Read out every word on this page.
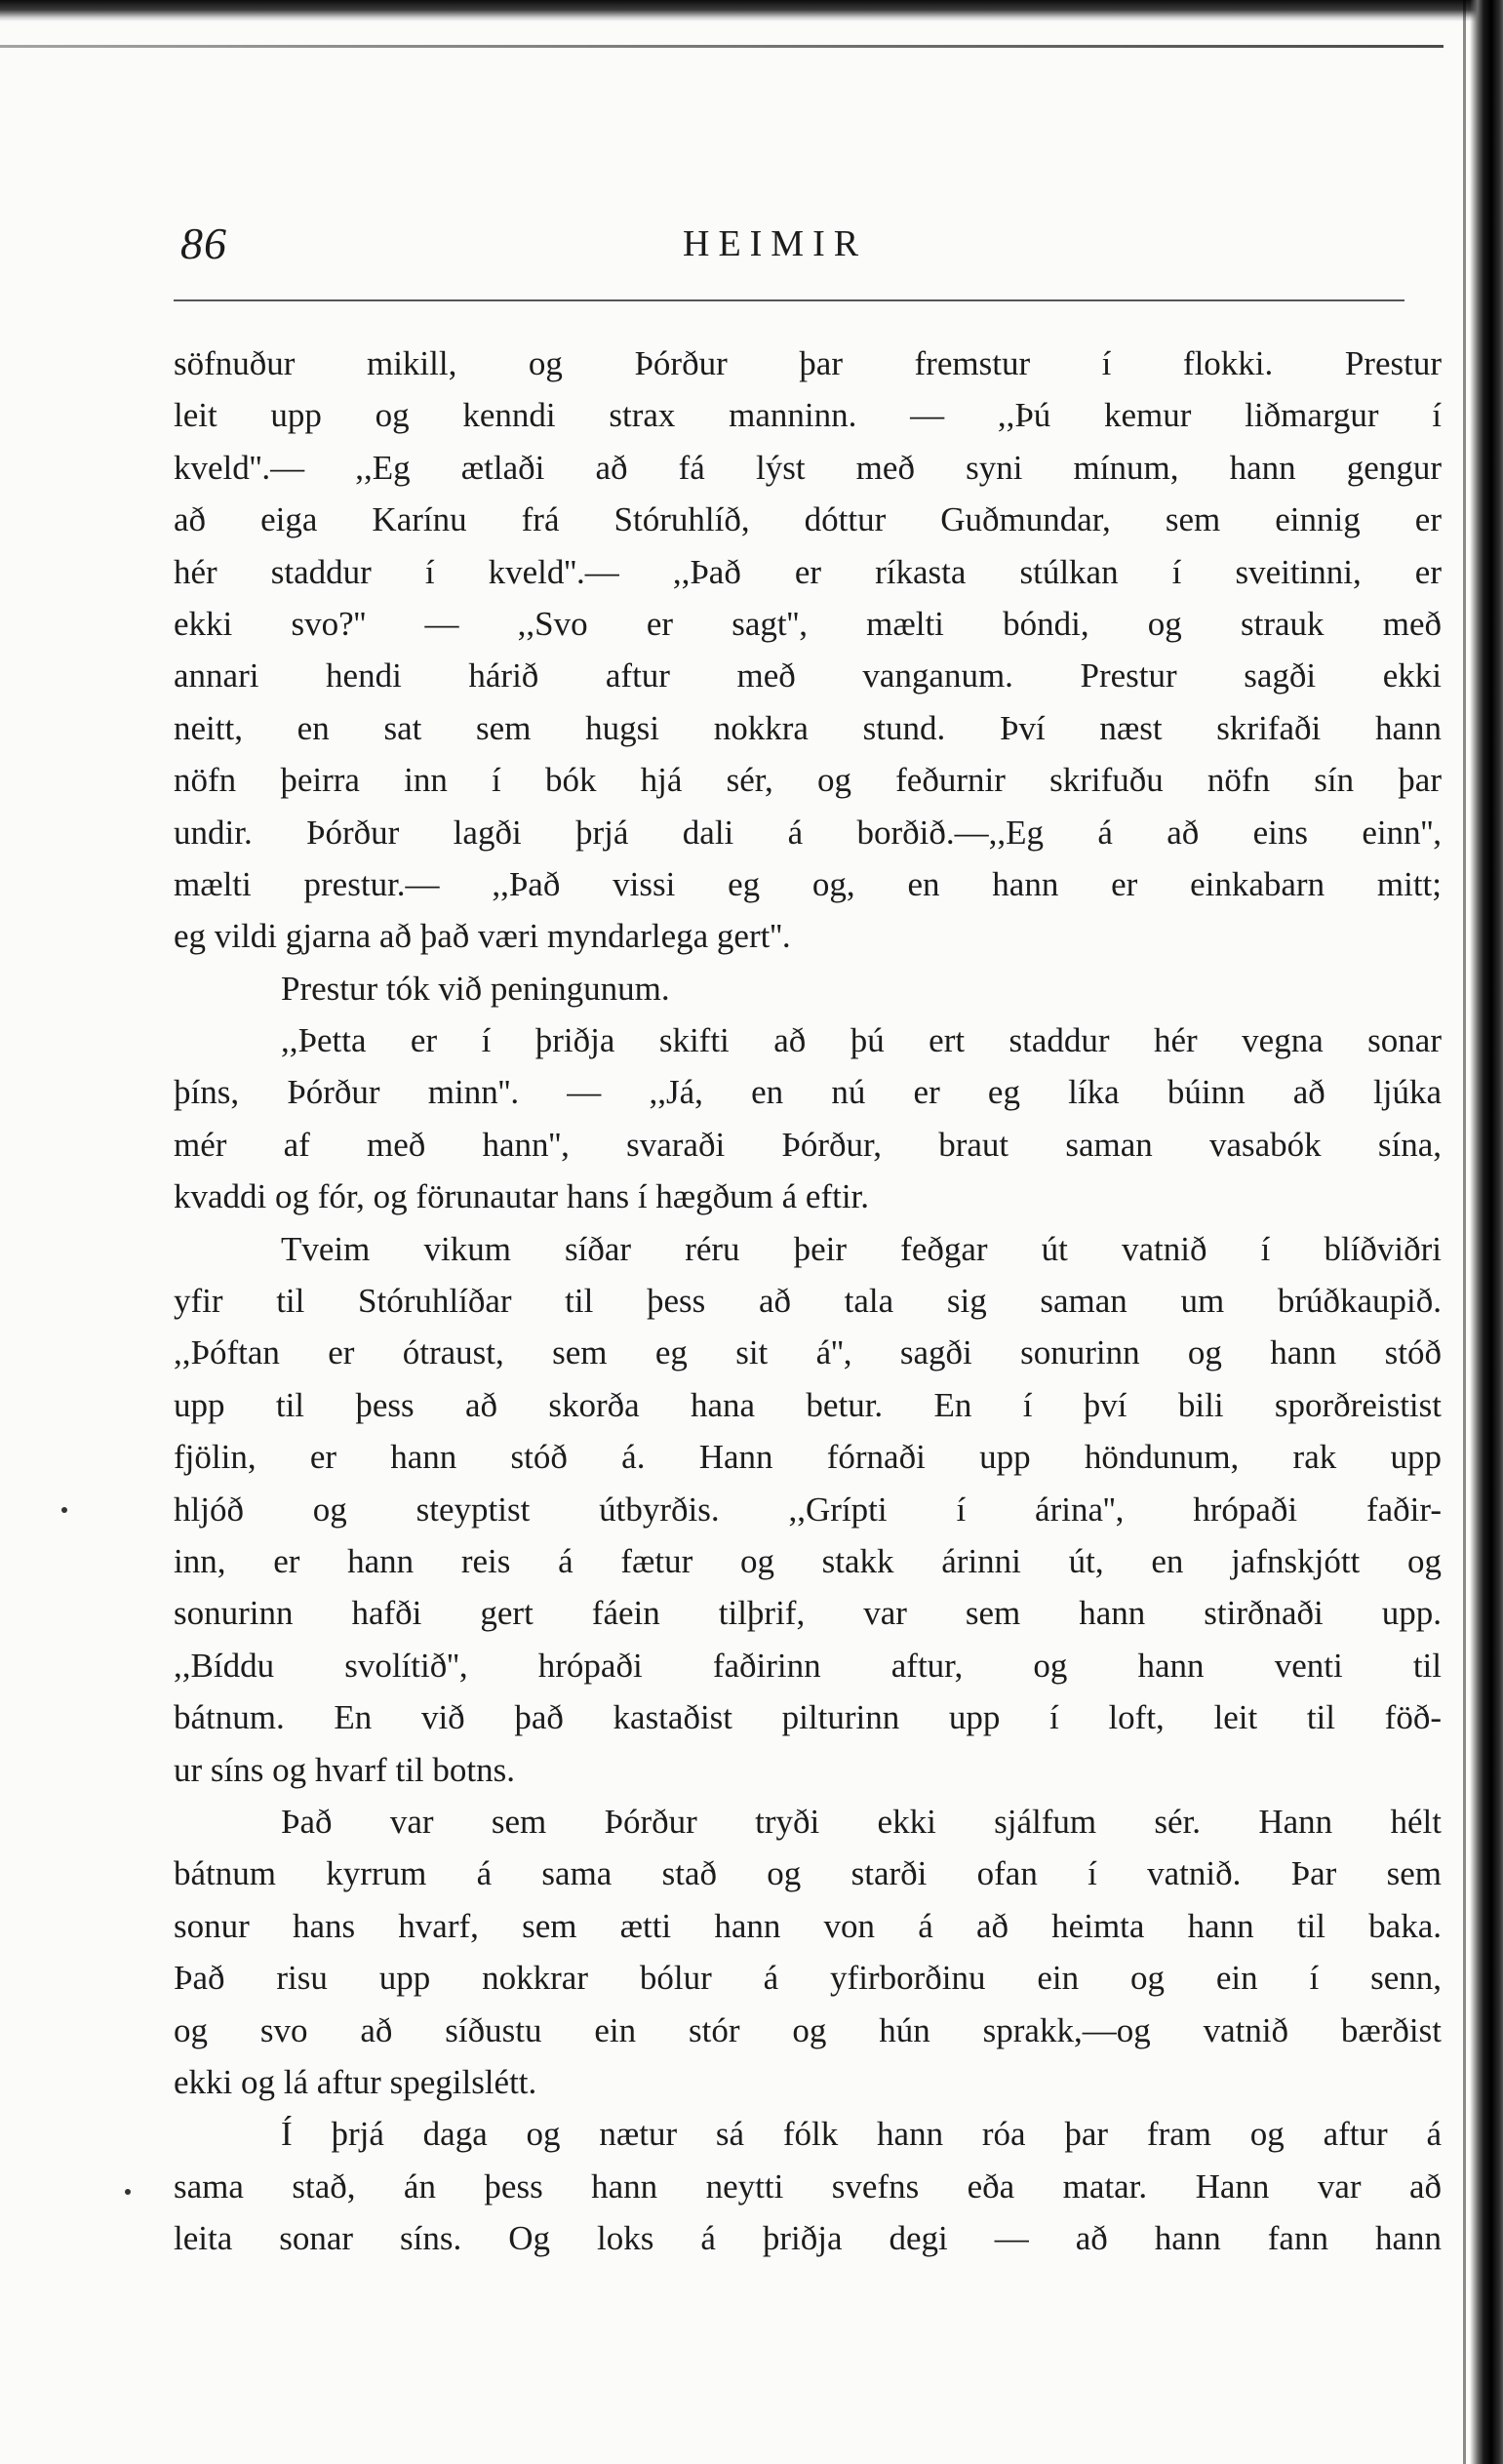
86	HEIMIR
söfnuður mikill, og Þórður þar fremstur í flokki. Prestur
leit upp og kenndi strax manninn. — ,,Þú kemur liðmargur í
kveld''.— ,,Eg ætlaði að fá lýst með syni mínum, hann gengur
að eiga Karínu frá Stóruhlíð, dóttur Guðmundar, sem einnig er
hér staddur í kveld''.— ,,Það er ríkasta stúlkan í sveitinni, er
ekki svo?'' — ,,Svo er sagt'', mælti bóndi, og strauk með
annari hendi hárið aftur með vanganum. Prestur sagði ekki
neitt, en sat sem hugsi nokkra stund. Því næst skrifaði hann
nöfn þeirra inn í bók hjá sér, og feðurnir skrifuðu nöfn sín þar
undir. Þórður lagði þrjá dali á borðið.—,,Eg á að eins einn'',
mælti prestur.— ,,Það vissi eg og, en hann er einkabarn mitt;
eg vildi gjarna að það væri myndarlega gert''.
Prestur tók við peningunum.
,,Þetta er í þriðja skifti að þú ert staddur hér vegna sonar
þíns, Þórður minn''. — ,,Já, en nú er eg líka búinn að ljúka
mér af með hann'', svaraði Þórður, braut saman vasabók sína,
kvaddi og fór, og förunautar hans í hægðum á eftir.
Tveim vikum síðar réru þeir feðgar út vatnið í blíðviðri
yfir til Stóruhlíðar til þess að tala sig saman um brúðkaupið.
,,Þóftan er ótraust, sem eg sit á'', sagði sonurinn og hann stóð
upp til þess að skorða hana betur. En í því bili sporðreistist
fjölin, er hann stóð á. Hann fórnaði upp höndunum, rak upp
hljóð og steyptist útbyrðis. ,,Grípti í árina'', hrópaði faðir-
inn, er hann reis á fætur og stakk árinni út, en jafnskjótt og
sonurinn hafði gert fáein tilþrif, var sem hann stirðnaði upp.
,,Bíddu svolítið'', hrópaði faðirinn aftur, og hann venti til
bátnum. En við það kastaðist pilturinn upp í loft, leit til föð-
ur síns og hvarf til botns.
Það var sem Þórður tryði ekki sjálfum sér. Hann hélt
bátnum kyrrum á sama stað og starði ofan í vatnið. Þar sem
sonur hans hvarf, sem ætti hann von á að heimta hann til baka.
Það risu upp nokkrar bólur á yfirborðinu ein og ein í senn,
og svo að síðustu ein stór og hún sprakk,—og vatnið bærðist
ekki og lá aftur spegilslétt.
Í þrjá daga og nætur sá fólk hann róa þar fram og aftur á
sama stað, án þess hann neytti svefns eða matar. Hann var að
leita sonar síns. Og loks á þriðja degi — að hann fann hann
